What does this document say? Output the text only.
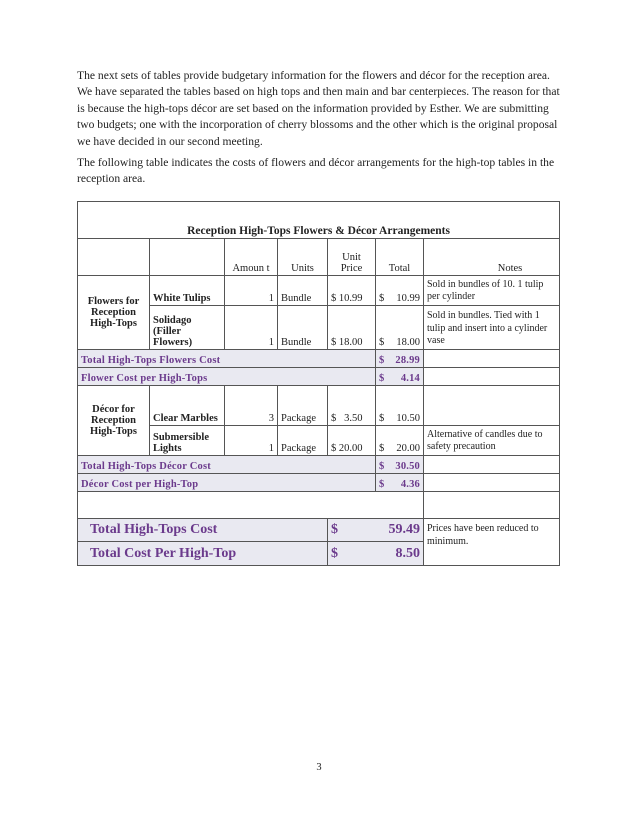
The next sets of tables provide budgetary information for the flowers and décor for the reception area. We have separated the tables based on high tops and then main and bar centerpieces. The reason for that is because the high-tops décor are set based on the information provided by Esther. We are submitting two budgets; one with the incorporation of cherry blossoms and the other which is the original proposal we have decided in our second meeting.

The following table indicates the costs of flowers and décor arrangements for the high-top tables in the reception area.

Reception High-Tops Flowers & Décor Arrangements						
		Amoun t	Units	Unit Price	Total	Notes
Flowers for Reception High-Tops	White Tulips	1	Bundle	$ 10.99	$ 10.99	Sold in bundles of 10. 1 tulip per cylinder
	Solidago (Filler Flowers)	1	Bundle	$ 18.00	$ 18.00	Sold in bundles. Tied with 1 tulip and insert into a cylinder vase
Total High-Tops Flowers Cost					$ 28.99	
Flower Cost per High-Tops					$ 4.14	
Décor for Reception High-Tops	Clear Marbles	3	Package	$ 3.50	$ 10.50	
	Submersible Lights	1	Package	$ 20.00	$ 20.00	Alternative of candles due to safety precaution
Total High-Tops Décor Cost					$ 30.50	
Décor Cost per High-Top					$ 4.36	

Total High-Tops Cost				$ 59.49		Prices have been reduced to minimum.
Total Cost Per High-Top				$ 8.50		
3
